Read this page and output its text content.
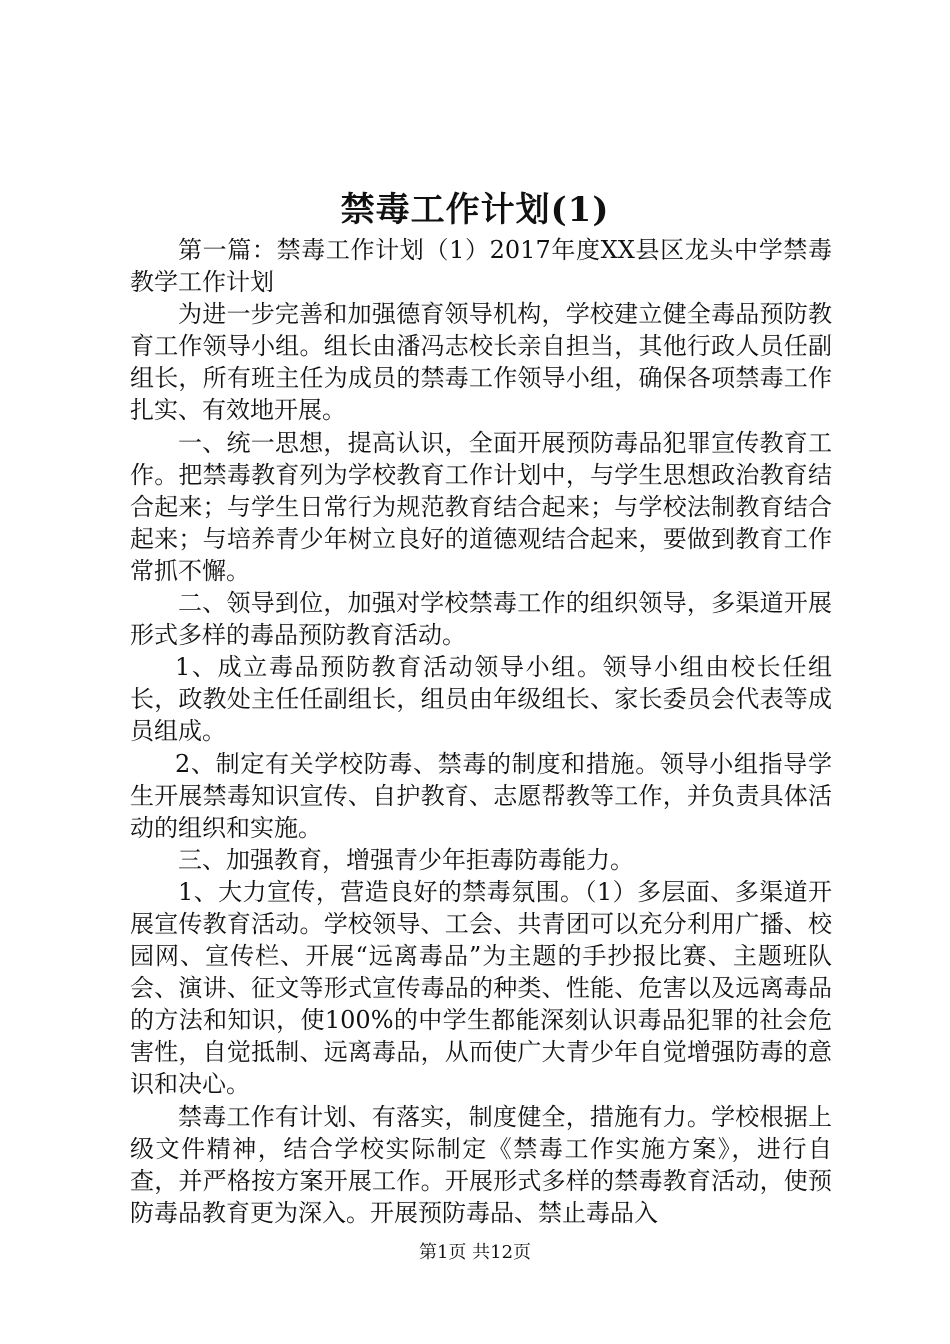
禁毒工作计划(1)

第一篇：禁毒工作计划（1）2017年度XX县区龙头中学禁毒教学工作计划

为进一步完善和加强德育领导机构，学校建立健全毒品预防教育工作领导小组。组长由潘冯志校长亲自担当，其他行政人员任副组长，所有班主任为成员的禁毒工作领导小组，确保各项禁毒工作扎实、有效地开展。

一、统一思想，提高认识，全面开展预防毒品犯罪宣传教育工作。把禁毒教育列为学校教育工作计划中，与学生思想政治教育结合起来；与学生日常行为规范教育结合起来；与学校法制教育结合起来；与培养青少年树立良好的道德观结合起来，要做到教育工作常抓不懈。

二、领导到位，加强对学校禁毒工作的组织领导，多渠道开展形式多样的毒品预防教育活动。

1、成立毒品预防教育活动领导小组。领导小组由校长任组长，政教处主任任副组长，组员由年级组长、家长委员会代表等成员组成。

2、制定有关学校防毒、禁毒的制度和措施。领导小组指导学生开展禁毒知识宣传、自护教育、志愿帮教等工作，并负责具体活动的组织和实施。

三、加强教育，增强青少年拒毒防毒能力。

1、大力宣传，营造良好的禁毒氛围。（1）多层面、多渠道开展宣传教育活动。学校领导、工会、共青团可以充分利用广播、校园网、宣传栏、开展“远离毒品”为主题的手抄报比赛、主题班队会、演讲、征文等形式宣传毒品的种类、性能、危害以及远离毒品的方法和知识，使100%的中学生都能深刻认识毒品犯罪的社会危害性，自觉抵制、远离毒品，从而使广大青少年自觉增强防毒的意识和决心。

禁毒工作有计划、有落实，制度健全，措施有力。学校根据上级文件精神，结合学校实际制定《禁毒工作实施方案》，进行自查，并严格按方案开展工作。开展形式多样的禁毒教育活动，使预防毒品教育更为深入。开展预防毒品、禁止毒品入

第1页 共12页
